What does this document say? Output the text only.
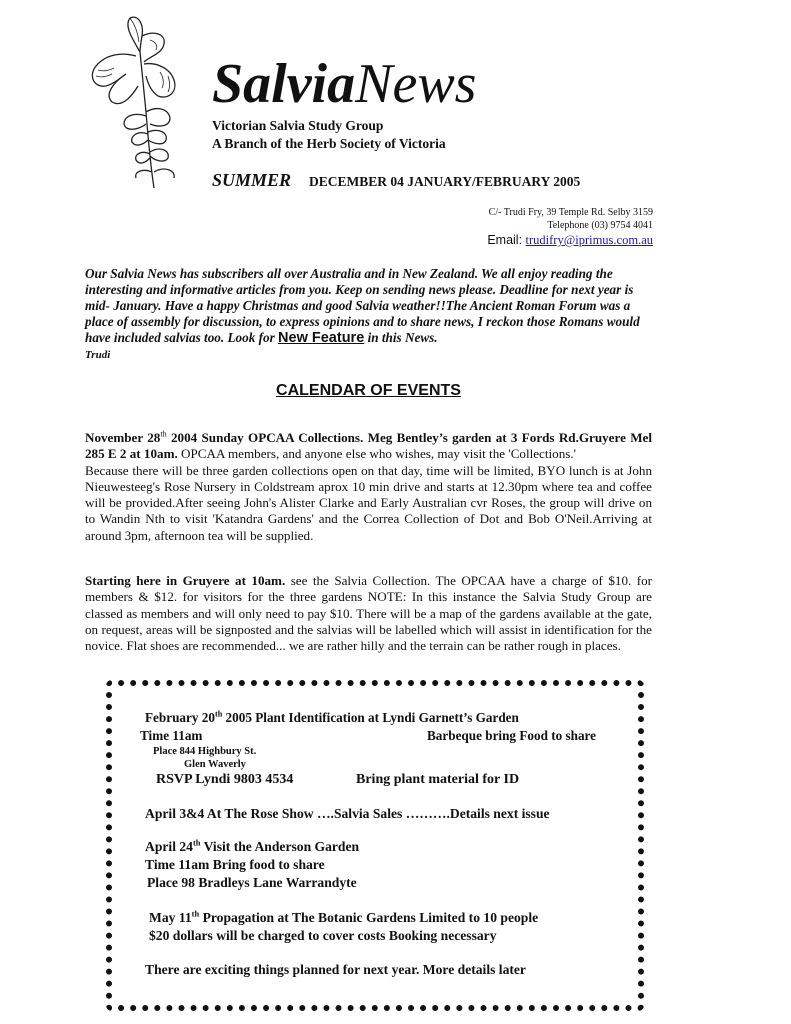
SalviaNews
Victorian Salvia Study Group
A Branch of the Herb Society of Victoria
SUMMER DECEMBER 04 JANUARY/FEBRUARY 2005
C/- Trudi Fry, 39 Temple Rd. Selby 3159
Telephone (03) 9754 4041
Email: trudifry@iprimus.com.au
Our Salvia News has subscribers all over Australia and in New Zealand. We all enjoy reading the interesting and informative articles from you. Keep on sending news please. Deadline for next year is mid- January. Have a happy Christmas and good Salvia weather!!The Ancient Roman Forum was a place of assembly for discussion, to express opinions and to share news, I reckon those Romans would have included salvias too. Look for New Feature in this News.
Trudi
CALENDAR OF EVENTS
November 28th 2004 Sunday OPCAA Collections. Meg Bentley’s garden at 3 Fords Rd.Gruyere Mel 285 E 2 at 10am. OPCAA members, and anyone else who wishes, may visit the 'Collections.'
Because there will be three garden collections open on that day, time will be limited, BYO lunch is at John Nieuwesteeg's Rose Nursery in Coldstream aprox 10 min drive and starts at 12.30pm where tea and coffee will be provided.After seeing John's Alister Clarke and Early Australian cvr Roses, the group will drive on to Wandin Nth to visit 'Katandra Gardens' and the Correa Collection of Dot and Bob O'Neil.Arriving at around 3pm, afternoon tea will be supplied.
Starting here in Gruyere at 10am. see the Salvia Collection. The OPCAA have a charge of $10. for members & $12. for visitors for the three gardens NOTE: In this instance the Salvia Study Group are classed as members and will only need to pay $10. There will be a map of the gardens available at the gate, on request, areas will be signposted and the salvias will be labelled which will assist in identification for the novice. Flat shoes are recommended... we are rather hilly and the terrain can be rather rough in places.
February 20th 2005 Plant Identification at Lyndi Garnett’s Garden
Time 11am	Barbeque bring Food to share
Place 844 Highbury St.
Glen Waverly
RSVP Lyndi 9803 4534	Bring plant material for ID
April 3&4 At The Rose Show ….Salvia Sales ……….Details next issue
April 24th Visit the Anderson Garden
Time 11am Bring food to share
Place 98 Bradleys Lane Warrandyte
May 11th Propagation at The Botanic Gardens Limited to 10 people
$20 dollars will be charged to cover costs Booking necessary
There are exciting things planned for next year. More details later
